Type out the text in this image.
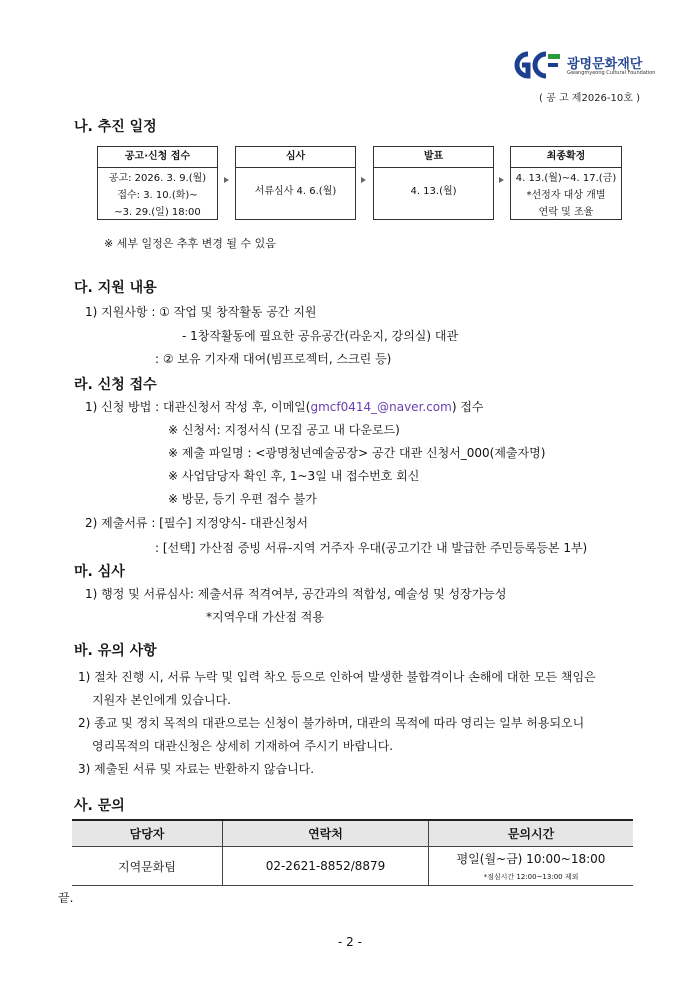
광명문화재단
Gwangmyeong Cultural Foundation
( 공 고 제2026-10호 )
나. 추진 일정
공고·신청 접수
공고: 2026. 3. 9.(월)
접수: 3. 10.(화)~
~3. 29.(일) 18:00
심사
서류심사 4. 6.(월)
발표
4. 13.(월)
최종확정
4. 13.(월)~4. 17.(금)
*선정자 대상 개별
연락 및 조율
※ 세부 일정은 추후 변경 될 수 있음
다. 지원 내용
1) 지원사항 : ① 작업 및 창작활동 공간 지원
- 1창작활동에 필요한 공유공간(라운지, 강의실) 대관
: ② 보유 기자재 대여(빔프로젝터, 스크린 등)
라. 신청 접수
1) 신청 방법 : 대관신청서 작성 후, 이메일(gmcf0414_@naver.com) 접수
※ 신청서: 지정서식 (모집 공고 내 다운로드)
※ 제출 파일명 : <광명청년예술공장> 공간 대관 신청서_000(제출자명)
※ 사업담당자 확인 후, 1~3일 내 접수번호 회신
※ 방문, 등기 우편 접수 불가
2) 제출서류 : [필수] 지정양식- 대관신청서
: [선택] 가산점 증빙 서류-지역 거주자 우대(공고기간 내 발급한 주민등록등본 1부)
마. 심사
1) 행정 및 서류심사: 제출서류 적격여부, 공간과의 적합성, 예술성 및 성장가능성
*지역우대 가산점 적용
바. 유의 사항
1) 절차 진행 시, 서류 누락 및 입력 착오 등으로 인하여 발생한 불합격이나 손해에 대한 모든 책임은
지원자 본인에게 있습니다.
2) 종교 및 정치 목적의 대관으로는 신청이 불가하며, 대관의 목적에 따라 영리는 일부 허용되오니
영리목적의 대관신청은 상세히 기재하여 주시기 바랍니다.
3) 제출된 서류 및 자료는 반환하지 않습니다.
사. 문의
담당자	연락처	문의시간
지역문화팀	02-2621-8852/8879	평일(월~금) 10:00~18:00
*점심시간 12:00~13:00 제외
끝.
- 2 -
